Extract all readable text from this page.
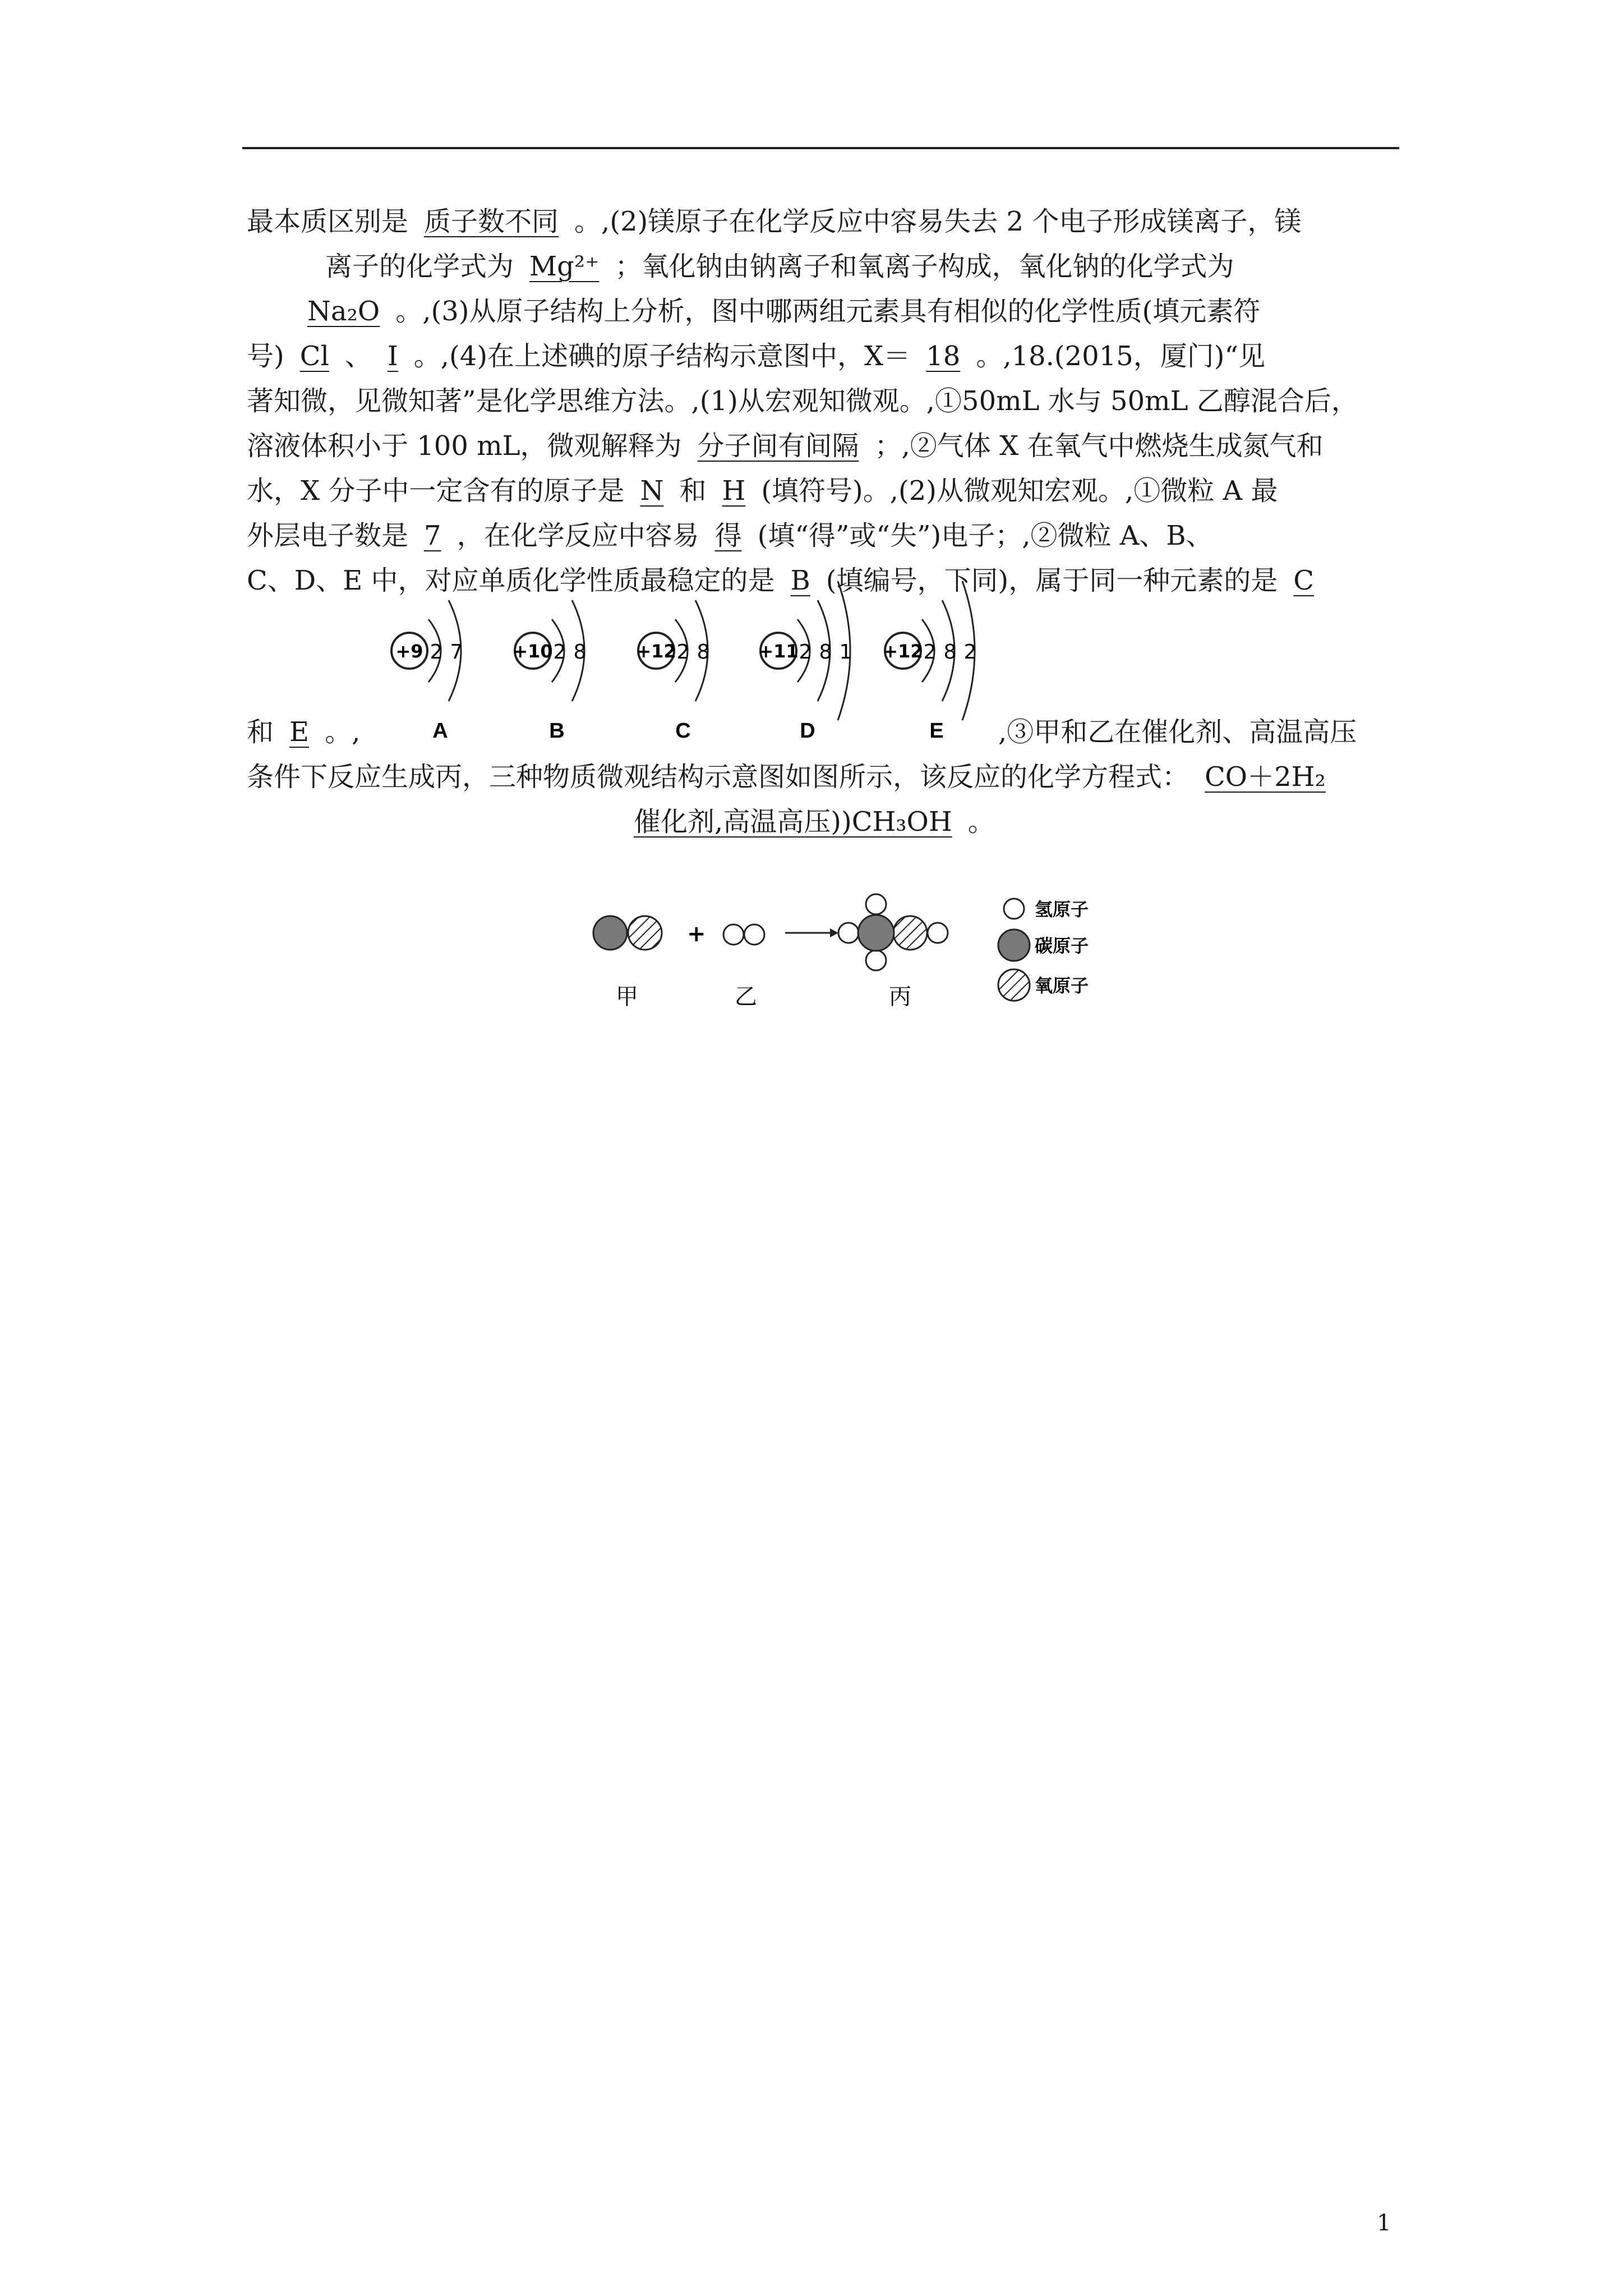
最本质区别是 质子数不同 。,(2)镁原子在化学反应中容易失去 2 个电子形成镁离子，镁
离子的化学式为 Mg²⁺ ；氧化钠由钠离子和氧离子构成，氧化钠的化学式为
Na₂O 。,(3)从原子结构上分析，图中哪两组元素具有相似的化学性质(填元素符
号) Cl 、 I 。,(4)在上述碘的原子结构示意图中，X＝ 18 。,18.(2015，厦门)“见
著知微，见微知著”是化学思维方法。,(1)从宏观知微观。,①50mL 水与 50mL 乙醇混合后，
溶液体积小于 100 mL，微观解释为 分子间有间隔 ；,②气体 X 在氧气中燃烧生成氮气和
水，X 分子中一定含有的原子是 N 和 H (填符号)。,(2)从微观知宏观。,①微粒 A 最
外层电子数是 7 ，在化学反应中容易 得 (填“得”或“失”)电子；,②微粒 A、B、
C、D、E 中，对应单质化学性质最稳定的是 B (填编号，下同)，属于同一种元素的是 C
+9 2 7
A
+10 2 8
B
+12 2 8
C
+11 2 8 1
D
+12 2 8 2
E
和 E 。,	,③甲和乙在催化剂、高温高压
条件下反应生成丙，三种物质微观结构示意图如图所示，该反应的化学方程式： CO＋2H₂
催化剂,高温高压))CH₃OH 。
+
甲	乙	丙
氢原子
碳原子
氧原子
1
